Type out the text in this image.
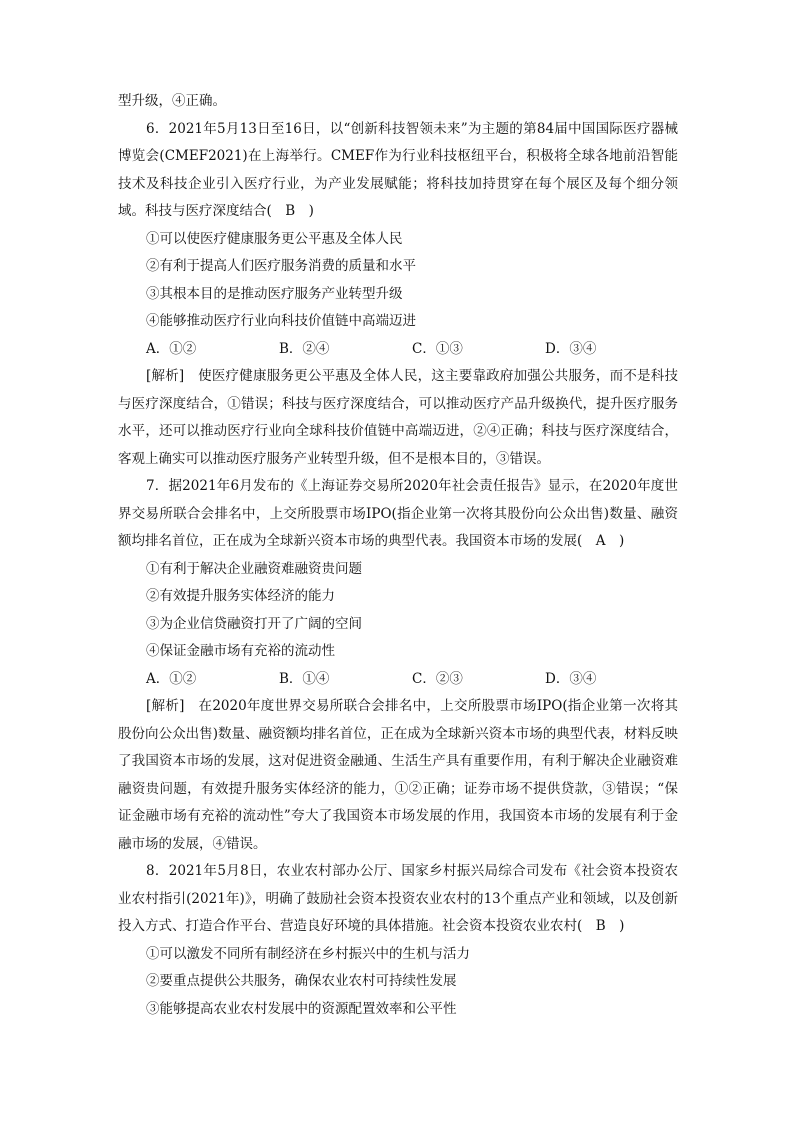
型升级，④正确。

6．2021年5月13日至16日，以“创新科技智领未来”为主题的第84届中国国际医疗器械博览会(CMEF2021)在上海举行。CMEF作为行业科技枢纽平台，积极将全球各地前沿智能技术及科技企业引入医疗行业，为产业发展赋能；将科技加持贯穿在每个展区及每个细分领域。科技与医疗深度结合(　B　)

①可以使医疗健康服务更公平惠及全体人民

②有利于提高人们医疗服务消费的质量和水平

③其根本目的是推动医疗服务产业转型升级

④能够推动医疗行业向科技价值链中高端迈进

A．①②	B．②④	C．①③	D．③④

[解析]　使医疗健康服务更公平惠及全体人民，这主要靠政府加强公共服务，而不是科技与医疗深度结合，①错误；科技与医疗深度结合，可以推动医疗产品升级换代，提升医疗服务水平，还可以推动医疗行业向全球科技价值链中高端迈进，②④正确；科技与医疗深度结合，客观上确实可以推动医疗服务产业转型升级，但不是根本目的，③错误。

7．据2021年6月发布的《上海证券交易所2020年社会责任报告》显示，在2020年度世界交易所联合会排名中，上交所股票市场IPO(指企业第一次将其股份向公众出售)数量、融资额均排名首位，正在成为全球新兴资本市场的典型代表。我国资本市场的发展(　A　)

①有利于解决企业融资难融资贵问题

②有效提升服务实体经济的能力

③为企业信贷融资打开了广阔的空间

④保证金融市场有充裕的流动性

A．①②	B．①④	C．②③	D．③④

[解析]　在2020年度世界交易所联合会排名中，上交所股票市场IPO(指企业第一次将其股份向公众出售)数量、融资额均排名首位，正在成为全球新兴资本市场的典型代表，材料反映了我国资本市场的发展，这对促进资金融通、生活生产具有重要作用，有利于解决企业融资难融资贵问题，有效提升服务实体经济的能力，①②正确；证券市场不提供贷款，③错误；“保证金融市场有充裕的流动性”夸大了我国资本市场发展的作用，我国资本市场的发展有利于金融市场的发展，④错误。

8．2021年5月8日，农业农村部办公厅、国家乡村振兴局综合司发布《社会资本投资农业农村指引(2021年)》，明确了鼓励社会资本投资农业农村的13个重点产业和领域，以及创新投入方式、打造合作平台、营造良好环境的具体措施。社会资本投资农业农村(　B　)

①可以激发不同所有制经济在乡村振兴中的生机与活力

②要重点提供公共服务，确保农业农村可持续性发展

③能够提高农业农村发展中的资源配置效率和公平性
